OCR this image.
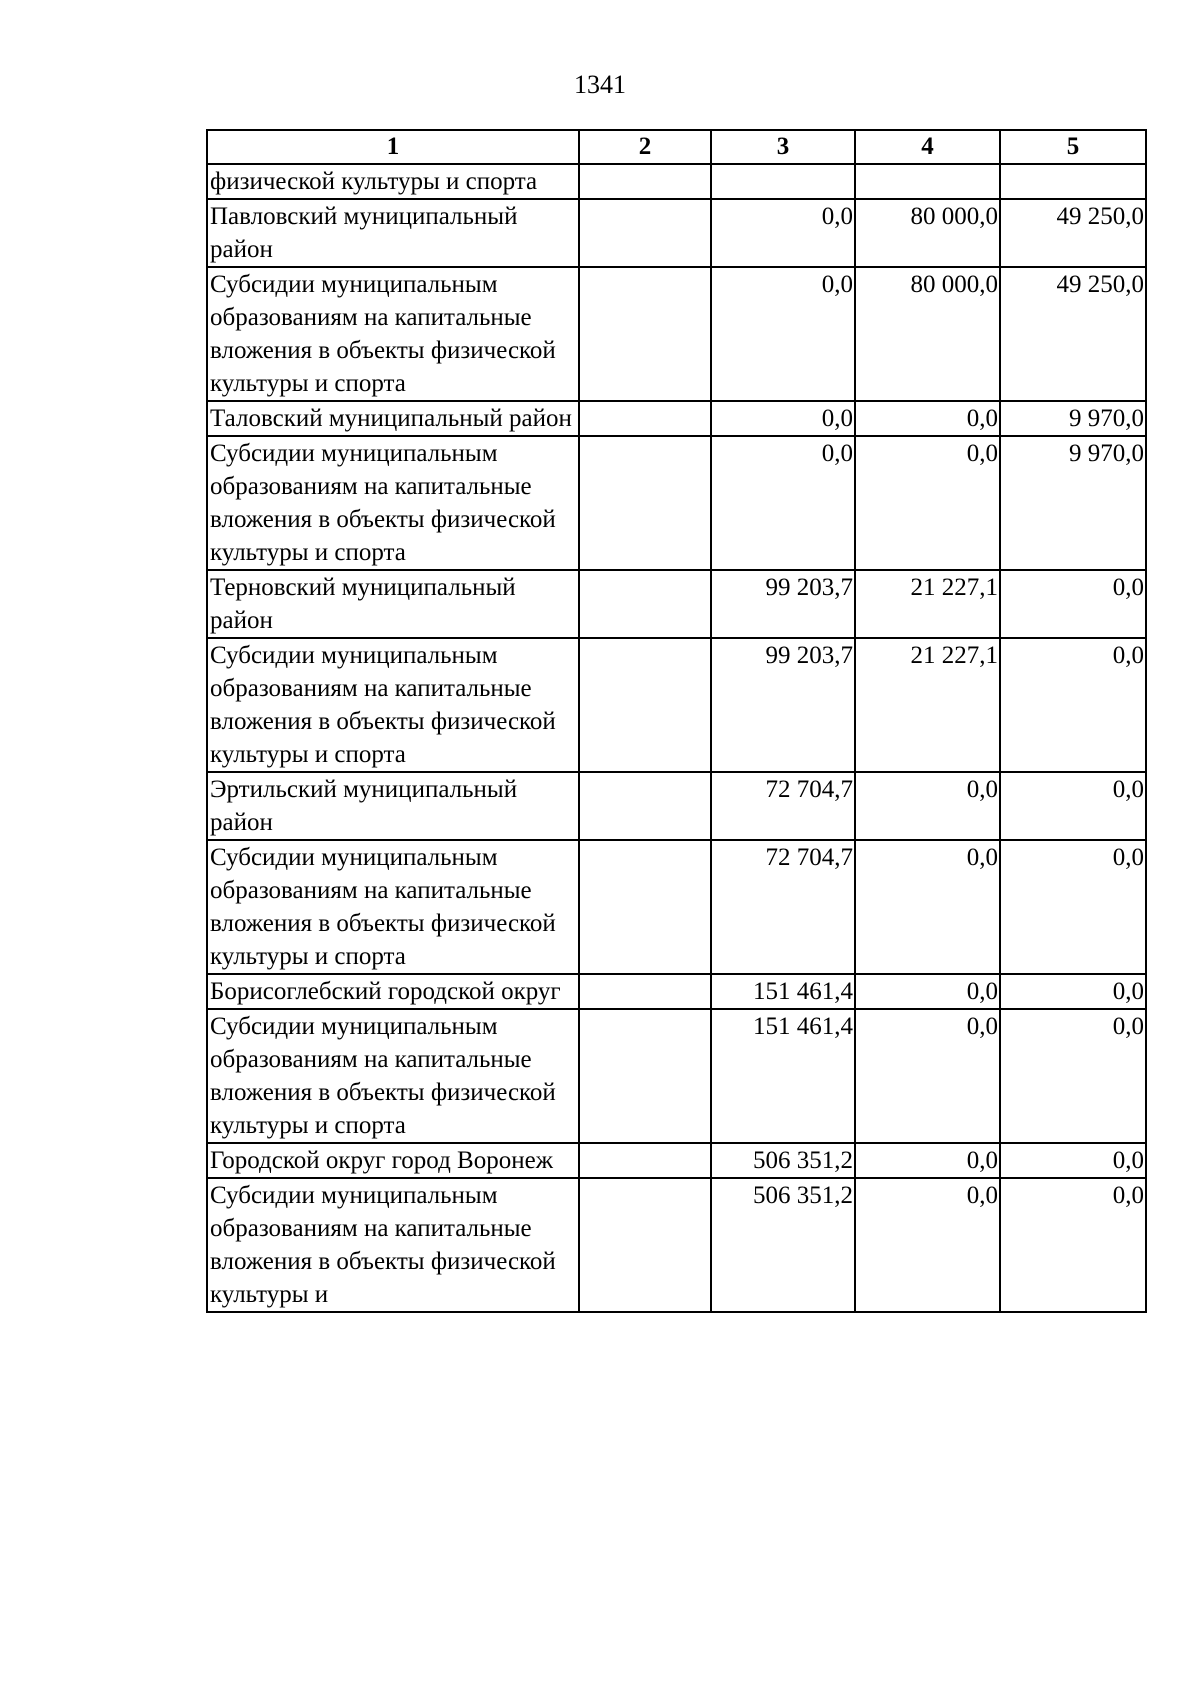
1341
1	2	3	4	5
физической культуры и спорта				
Павловский муниципальный район		0,0	80 000,0	49 250,0
Субсидии муниципальным образованиям на капитальные вложения в объекты физической культуры и спорта		0,0	80 000,0	49 250,0
Таловский муниципальный район		0,0	0,0	9 970,0
Субсидии муниципальным образованиям на капитальные вложения в объекты физической культуры и спорта		0,0	0,0	9 970,0
Терновский муниципальный район		99 203,7	21 227,1	0,0
Субсидии муниципальным образованиям на капитальные вложения в объекты физической культуры и спорта		99 203,7	21 227,1	0,0
Эртильский муниципальный район		72 704,7	0,0	0,0
Субсидии муниципальным образованиям на капитальные вложения в объекты физической культуры и спорта		72 704,7	0,0	0,0
Борисоглебский городской округ		151 461,4	0,0	0,0
Субсидии муниципальным образованиям на капитальные вложения в объекты физической культуры и спорта		151 461,4	0,0	0,0
Городской округ город Воронеж		506 351,2	0,0	0,0
Субсидии муниципальным образованиям на капитальные вложения в объекты физической культуры и		506 351,2	0,0	0,0
